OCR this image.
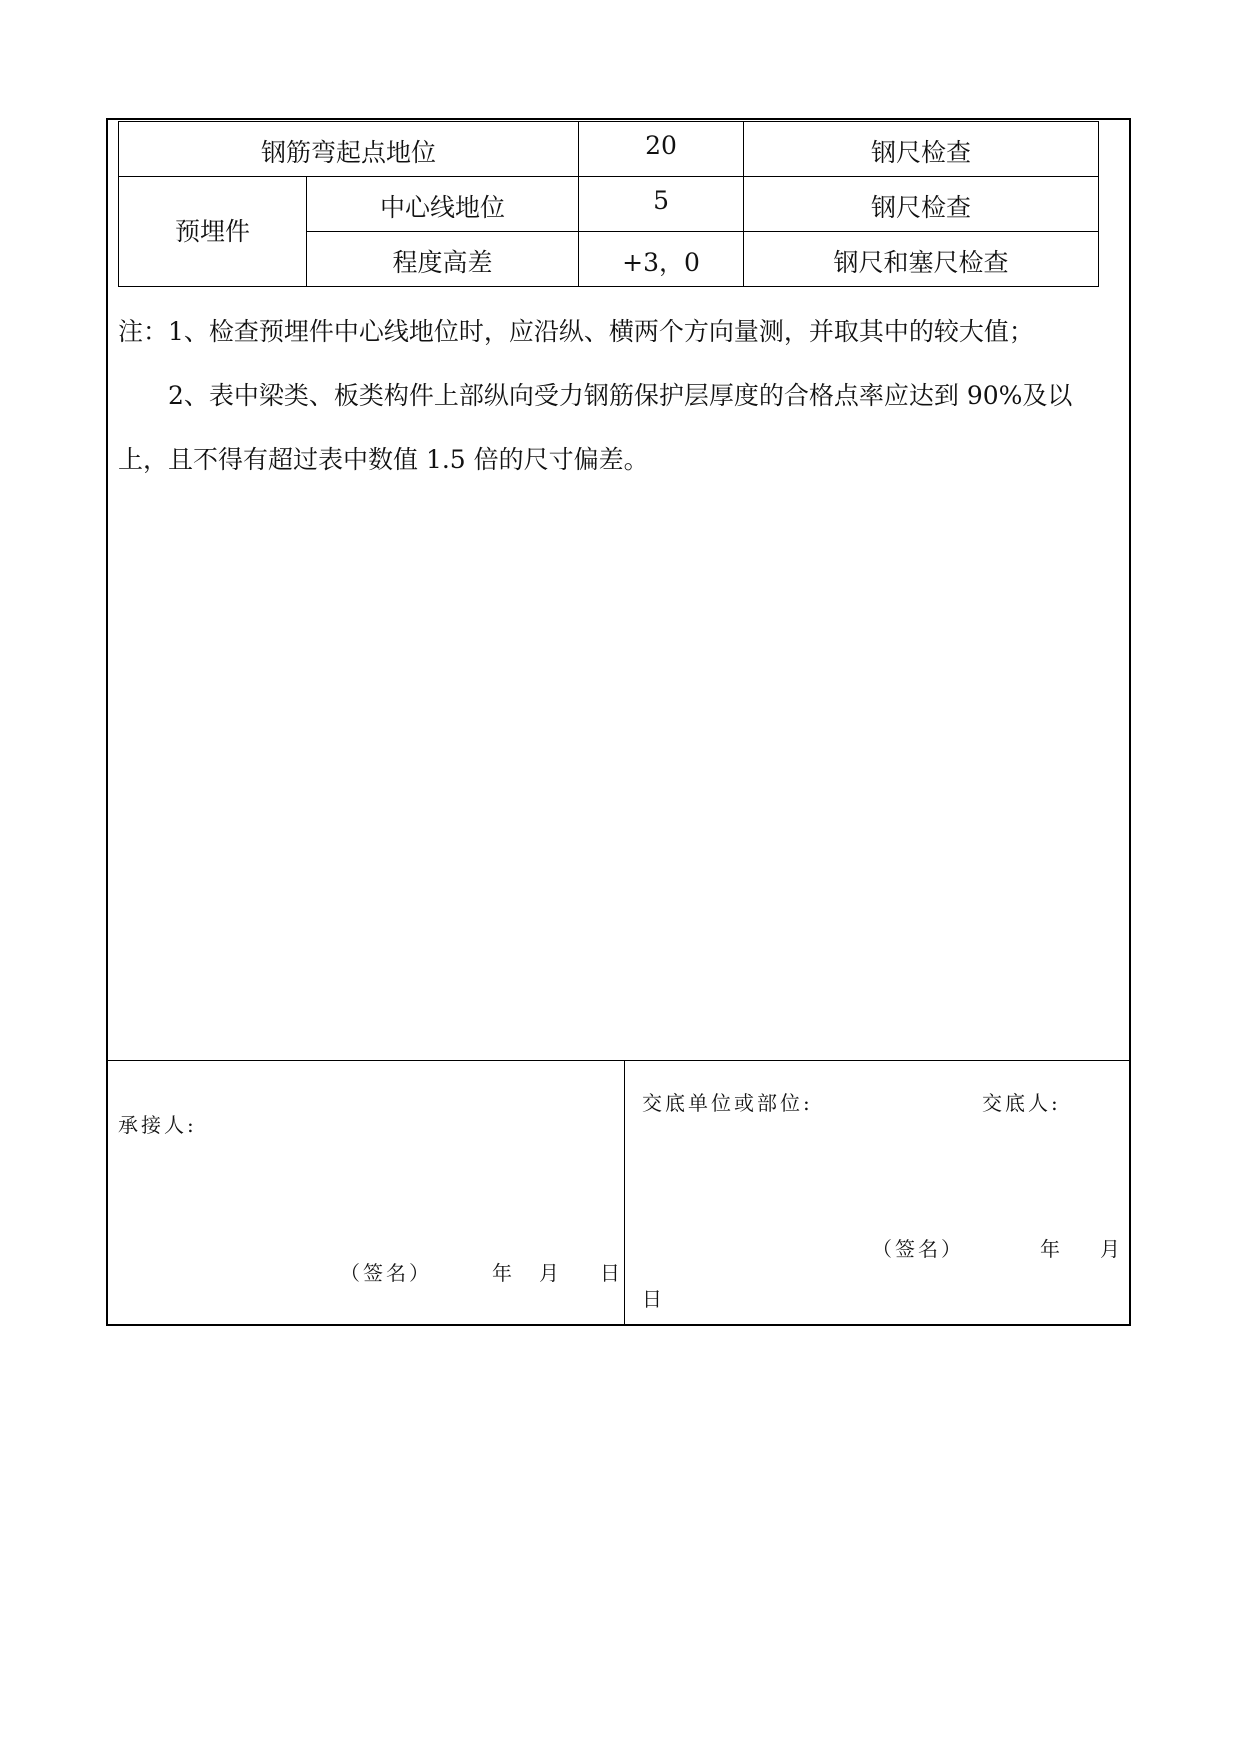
钢筋弯起点地位		20	钢尺检查
预埋件	中心线地位	5	钢尺检查
	程度高差	+3，0	钢尺和塞尺检查

注：1、检查预埋件中心线地位时，应沿纵、横两个方向量测，并取其中的较大值；

2、表中梁类、板类构件上部纵向受力钢筋保护层厚度的合格点率应达到 90%及以上，且不得有超过表中数值 1.5 倍的尺寸偏差。

承接人:
（签名）	年 月 日
交底单位或部位:	交底人:
（签名）	年 月
日
